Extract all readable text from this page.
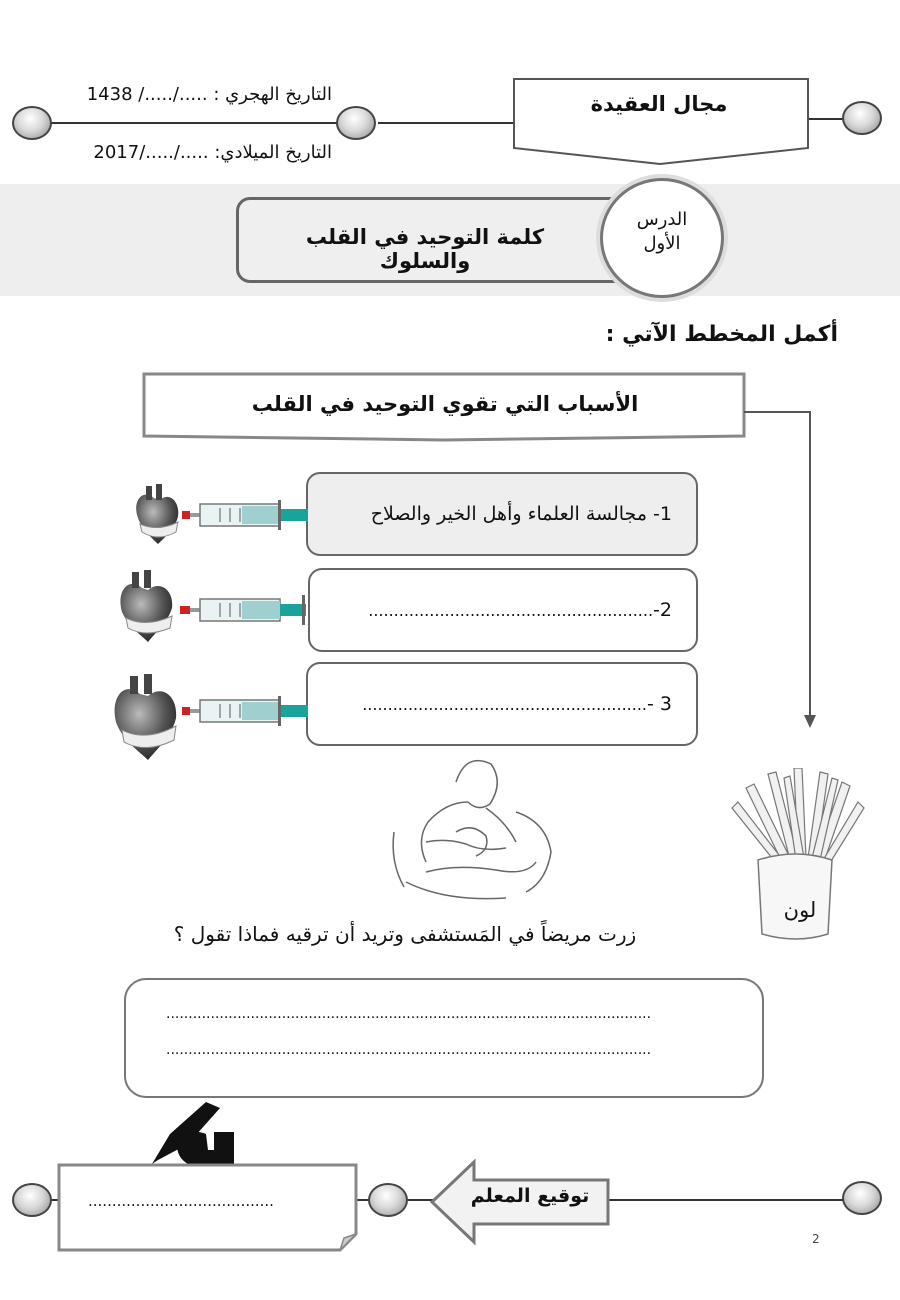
التاريخ الهجري : ...../...../ 1438
التاريخ الميلادي: ...../...../2017
مجال العقيدة
كلمة التوحيد في القلب والسلوك
الدرس
الأول
أكمل المخطط الآتي :
الأسباب التي تقوي التوحيد في القلب
1-

مجالسة العلماء وأهل الخير والصلاح
2-
........................................................
3 -
........................................................
لون
زرت مريضاً في المَستشفى وتريد أن ترقيه فماذا تقول ؟
.............................................................................................................
.............................................................................................................
.......................................	توقيع المعلم
2
